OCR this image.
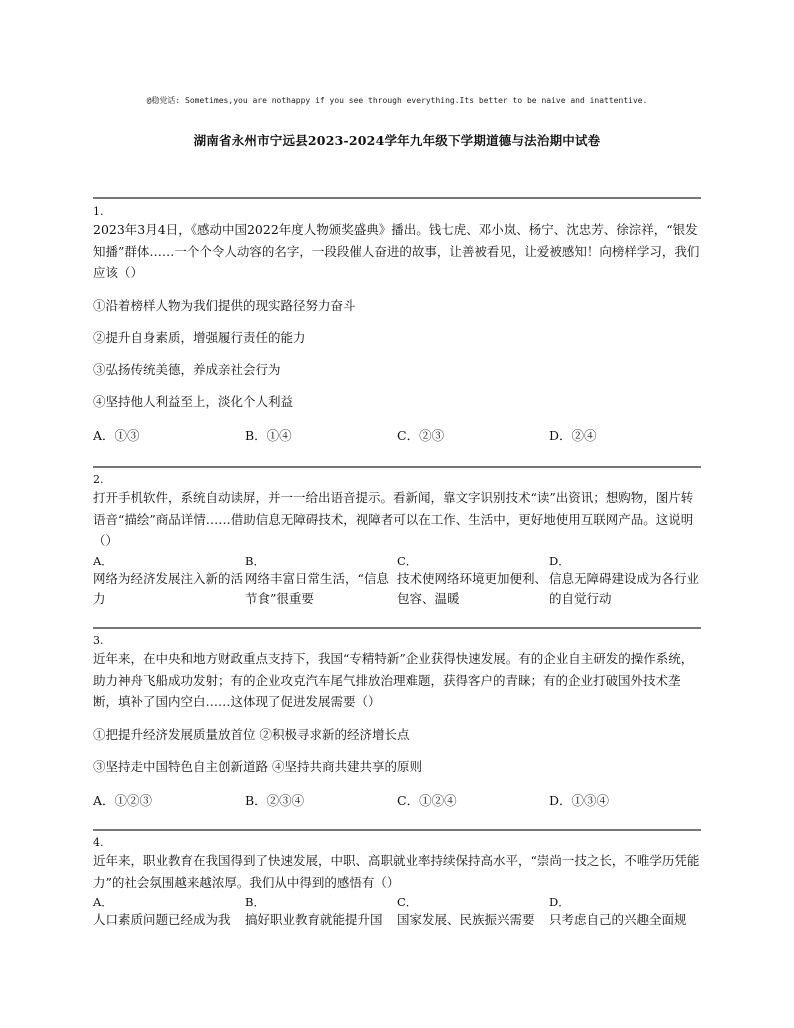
@稳党话: Sometimes,you are nothappy if you see through everything.Its better to be naive and inattentive.
湖南省永州市宁远县2023-2024学年九年级下学期道德与法治期中试卷
1.
2023年3月4日，《感动中国2022年度人物颁奖盛典》播出。钱七虎、邓小岚、杨宁、沈忠芳、徐淙祥，“银发知播”群体……一个个令人动容的名字，一段段催人奋进的故事，让善被看见，让爱被感知！向榜样学习，我们应该（）
①沿着榜样人物为我们提供的现实路径努力奋斗
②提升自身素质，增强履行责任的能力
③弘扬传统美德，养成亲社会行为
④坚持他人利益至上，淡化个人利益
A．①③	B．①④	C．②③	D．②④
2.
打开手机软件，系统自动读屏，并一一给出语音提示。看新闻，靠文字识别技术“读”出资讯；想购物，图片转语音“描绘”商品详情……借助信息无障碍技术，视障者可以在工作、生活中，更好地使用互联网产品。这说明（）
A．
网络为经济发展注入新的活力
B．
网络丰富日常生活，“信息节食”很重要
C．
技术使网络环境更加便利、包容、温暖
D．
信息无障碍建设成为各行业的自觉行动
3.
近年来，在中央和地方财政重点支持下，我国“专精特新”企业获得快速发展。有的企业自主研发的操作系统，助力神舟飞船成功发射；有的企业攻克汽车尾气排放治理难题，获得客户的青睐；有的企业打破国外技术垄断，填补了国内空白……这体现了促进发展需要（）
①把提升经济发展质量放首位 ②积极寻求新的经济增长点
③坚持走中国特色自主创新道路 ④坚持共商共建共享的原则
A．①②③	B．②③④	C．①②④	D．①③④
4.
近年来，职业教育在我国得到了快速发展，中职、高职就业率持续保持高水平，“崇尚一技之长，不唯学历凭能力”的社会氛围越来越浓厚。我们从中得到的感悟有（）
A．
人口素质问题已经成为我
B．
搞好职业教育就能提升国
C．
国家发展、民族振兴需要
D．
只考虑自己的兴趣全面规
